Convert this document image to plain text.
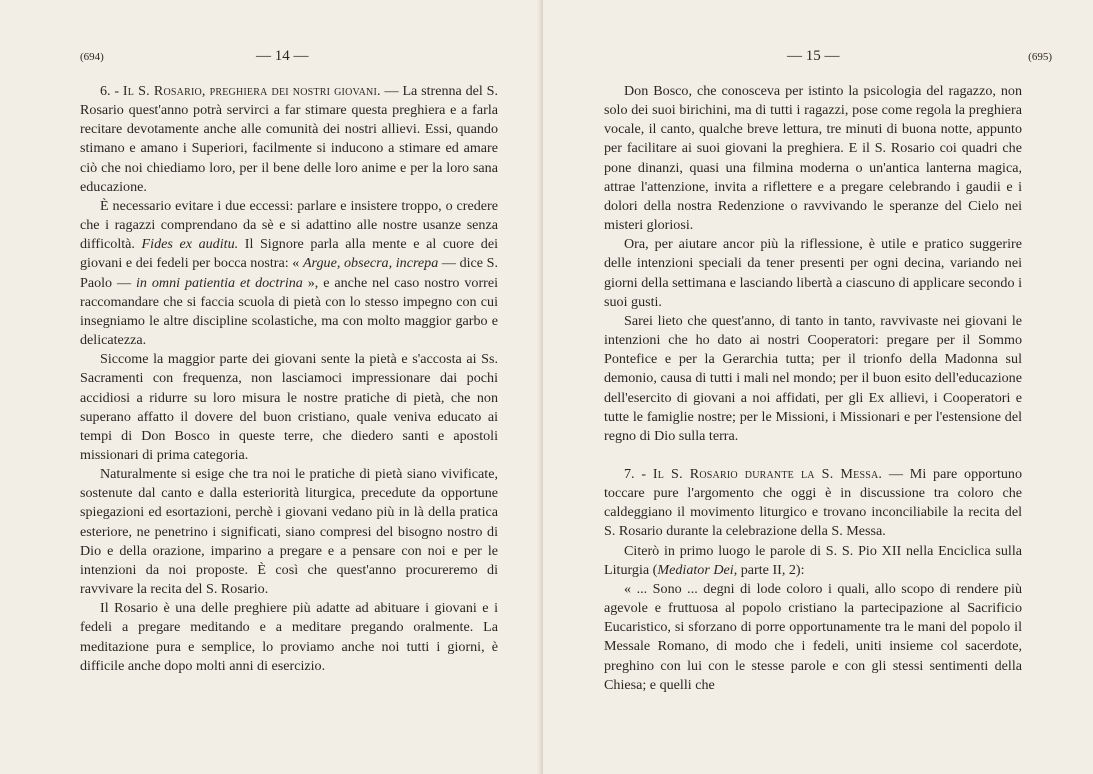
(694)	— 14 —

6. - Il S. Rosario, preghiera dei nostri giovani. — La strenna del S. Rosario quest'anno potrà servirci a far stimare questa preghiera e a farla recitare devotamente anche alle comunità dei nostri allievi. Essi, quando stimano e amano i Superiori, facilmente si inducono a stimare ed amare ciò che noi chiediamo loro, per il bene delle loro anime e per la loro sana educazione.

È necessario evitare i due eccessi: parlare e insistere troppo, o credere che i ragazzi comprendano da sè e si adattino alle nostre usanze senza difficoltà. Fides ex auditu. Il Signore parla alla mente e al cuore dei giovani e dei fedeli per bocca nostra: « Argue, obsecra, increpa — dice S. Paolo — in omni patientia et doctrina », e anche nel caso nostro vorrei raccomandare che si faccia scuola di pietà con lo stesso impegno con cui insegniamo le altre discipline scolastiche, ma con molto maggior garbo e delicatezza.

Siccome la maggior parte dei giovani sente la pietà e s'accosta ai Ss. Sacramenti con frequenza, non lasciamoci impressionare dai pochi accidiosi a ridurre su loro misura le nostre pratiche di pietà, che non superano affatto il dovere del buon cristiano, quale veniva educato ai tempi di Don Bosco in queste terre, che diedero santi e apostoli missionari di prima categoria.

Naturalmente si esige che tra noi le pratiche di pietà siano vivificate, sostenute dal canto e dalla esteriorità liturgica, precedute da opportune spiegazioni ed esortazioni, perchè i giovani vedano più in là della pratica esteriore, ne penetrino i significati, siano compresi del bisogno nostro di Dio e della orazione, imparino a pregare e a pensare con noi e per le intenzioni da noi proposte. È così che quest'anno procureremo di ravvivare la recita del S. Rosario.

Il Rosario è una delle preghiere più adatte ad abituare i giovani e i fedeli a pregare meditando e a meditare pregando oralmente. La meditazione pura e semplice, lo proviamo anche noi tutti i giorni, è difficile anche dopo molti anni di esercizio.

— 15 —	(695)

Don Bosco, che conosceva per istinto la psicologia del ragazzo, non solo dei suoi birichini, ma di tutti i ragazzi, pose come regola la preghiera vocale, il canto, qualche breve lettura, tre minuti di buona notte, appunto per facilitare ai suoi giovani la preghiera. E il S. Rosario coi quadri che pone dinanzi, quasi una filmina moderna o un'antica lanterna magica, attrae l'attenzione, invita a riflettere e a pregare celebrando i gaudii e i dolori della nostra Redenzione o ravvivando le speranze del Cielo nei misteri gloriosi.

Ora, per aiutare ancor più la riflessione, è utile e pratico suggerire delle intenzioni speciali da tener presenti per ogni decina, variando nei giorni della settimana e lasciando libertà a ciascuno di applicare secondo i suoi gusti.

Sarei lieto che quest'anno, di tanto in tanto, ravvivaste nei giovani le intenzioni che ho dato ai nostri Cooperatori: pregare per il Sommo Pontefice e per la Gerarchia tutta; per il trionfo della Madonna sul demonio, causa di tutti i mali nel mondo; per il buon esito dell'educazione dell'esercito di giovani a noi affidati, per gli Ex allievi, i Cooperatori e tutte le famiglie nostre; per le Missioni, i Missionari e per l'estensione del regno di Dio sulla terra.

7. - Il S. Rosario durante la S. Messa. — Mi pare opportuno toccare pure l'argomento che oggi è in discussione tra coloro che caldeggiano il movimento liturgico e trovano inconciliabile la recita del S. Rosario durante la celebrazione della S. Messa.

Citerò in primo luogo le parole di S. S. Pio XII nella Enciclica sulla Liturgia (Mediator Dei, parte II, 2):

« ... Sono ... degni di lode coloro i quali, allo scopo di rendere più agevole e fruttuosa al popolo cristiano la partecipazione al Sacrificio Eucaristico, si sforzano di porre opportunamente tra le mani del popolo il Messale Romano, di modo che i fedeli, uniti insieme col sacerdote, preghino con lui con le stesse parole e con gli stessi sentimenti della Chiesa; e quelli che
